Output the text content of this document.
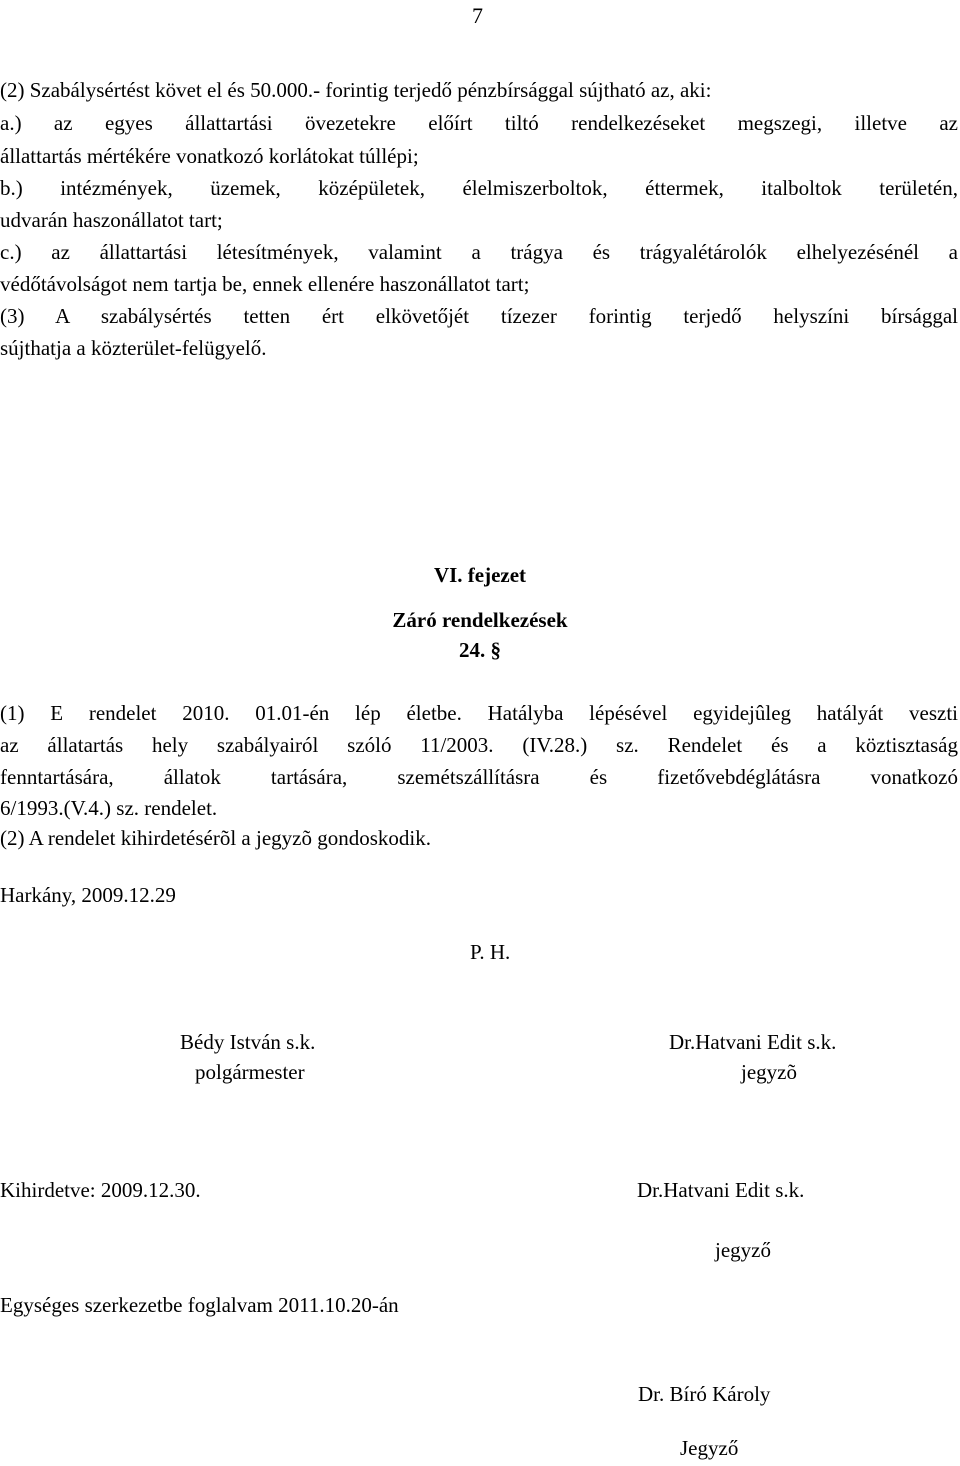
7
(2) Szabálysértést követ el és 50.000.- forintig terjedő pénzbírsággal sújtható az, aki:
a.) az egyes állattartási övezetekre előírt tiltó rendelkezéseket megszegi, illetve az
állattartás mértékére vonatkozó korlátokat túllépi;
b.) intézmények, üzemek, középületek, élelmiszerboltok, éttermek, italboltok területén,
udvarán haszonállatot tart;
c.) az állattartási létesítmények, valamint a trágya és trágyalétárolók elhelyezésénél a
védőtávolságot nem tartja be, ennek ellenére haszonállatot tart;
(3) A szabálysértés tetten ért elkövetőjét tízezer forintig terjedő helyszíni bírsággal
sújthatja a közterület-felügyelő.
VI. fejezet
Záró rendelkezések
24. §
(1) E rendelet 2010. 01.01-én lép életbe. Hatályba lépésével egyidejûleg hatályát veszti
az állatartás hely szabályairól szóló 11/2003. (IV.28.) sz. Rendelet és a köztisztaság
fenntartására, állatok tartására, szemétszállításra és fizetővebdéglátásra vonatkozó
6/1993.(V.4.) sz. rendelet.
(2) A rendelet kihirdetésérõl a jegyzõ gondoskodik.
Harkány, 2009.12.29
P. H.
Bédy István s.k.
polgármester
Dr.Hatvani Edit s.k.
jegyzõ
Kihirdetve: 2009.12.30.	Dr.Hatvani Edit s.k.
jegyző
Egységes szerkezetbe foglalvam 2011.10.20-án
Dr. Bíró Károly
Jegyző
